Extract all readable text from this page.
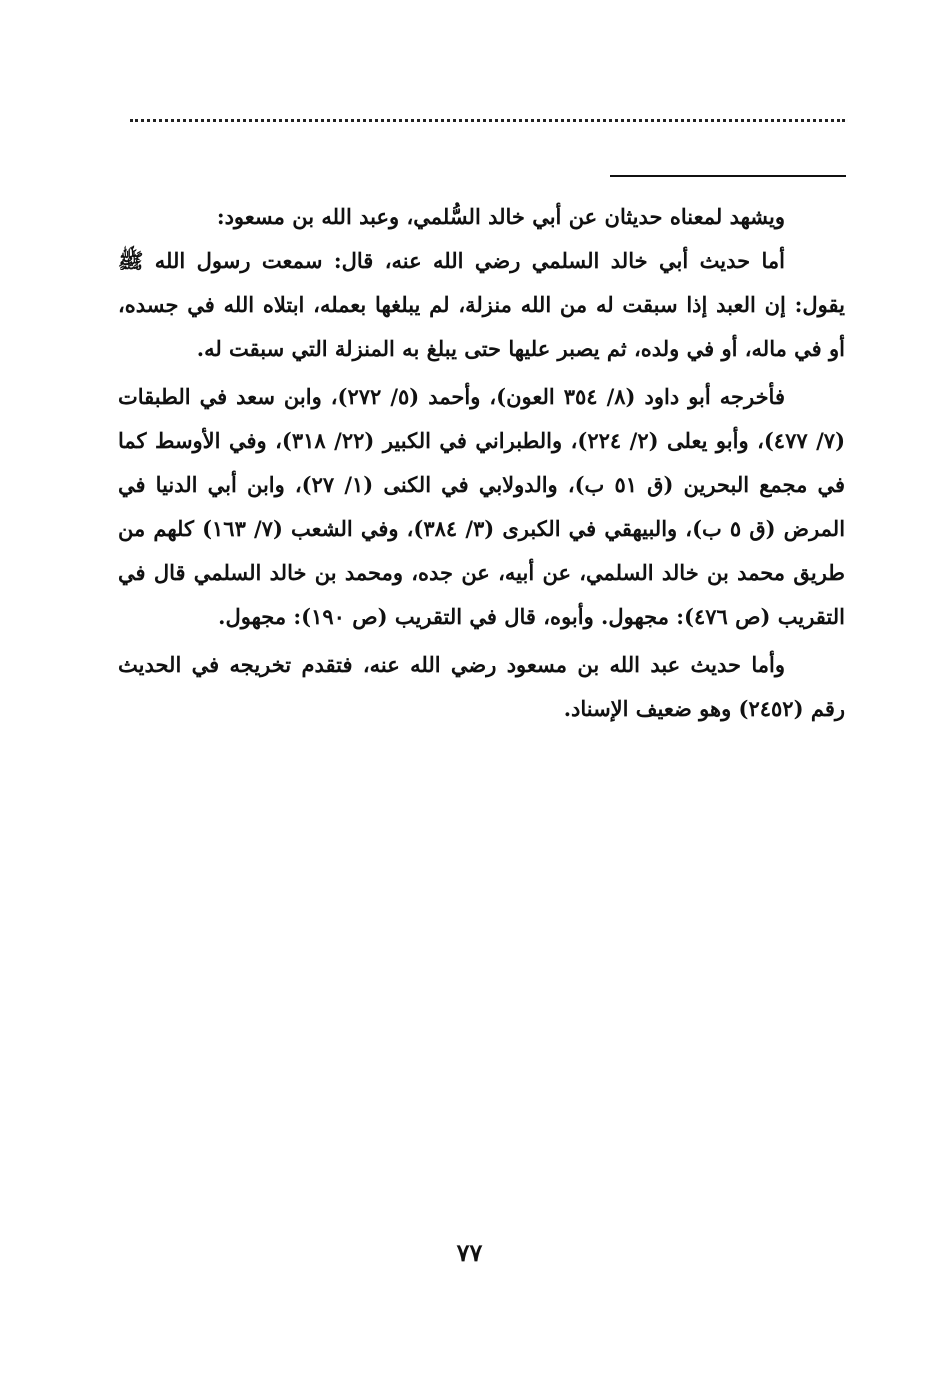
ويشهد لمعناه حديثان عن أبي خالد السُّلمي، وعبد الله بن مسعود:

أما حديث أبي خالد السلمي رضي الله عنه، قال: سمعت رسول الله ﷺ يقول: إن العبد إذا سبقت له من الله منزلة، لم يبلغها بعمله، ابتلاه الله في جسده، أو في ماله، أو في ولده، ثم يصبر عليها حتى يبلغ به المنزلة التي سبقت له.

فأخرجه أبو داود (٨/ ٣٥٤ العون)، وأحمد (٥/ ٢٧٢)، وابن سعد في الطبقات (٧/ ٤٧٧)، وأبو يعلى (٢/ ٢٢٤)، والطبراني في الكبير (٢٢/ ٣١٨)، وفي الأوسط كما في مجمع البحرين (ق ٥١ ب)، والدولابي في الكنى (١/ ٢٧)، وابن أبي الدنيا في المرض (ق ٥ ب)، والبيهقي في الكبرى (٣/ ٣٨٤)، وفي الشعب (٧/ ١٦٣) كلهم من طريق محمد بن خالد السلمي، عن أبيه، عن جده، ومحمد بن خالد السلمي قال في التقريب (ص ٤٧٦): مجهول. وأبوه، قال في التقريب (ص ١٩٠): مجهول.

وأما حديث عبد الله بن مسعود رضي الله عنه، فتقدم تخريجه في الحديث رقم (٢٤٥٢) وهو ضعيف الإسناد.

٧٧
